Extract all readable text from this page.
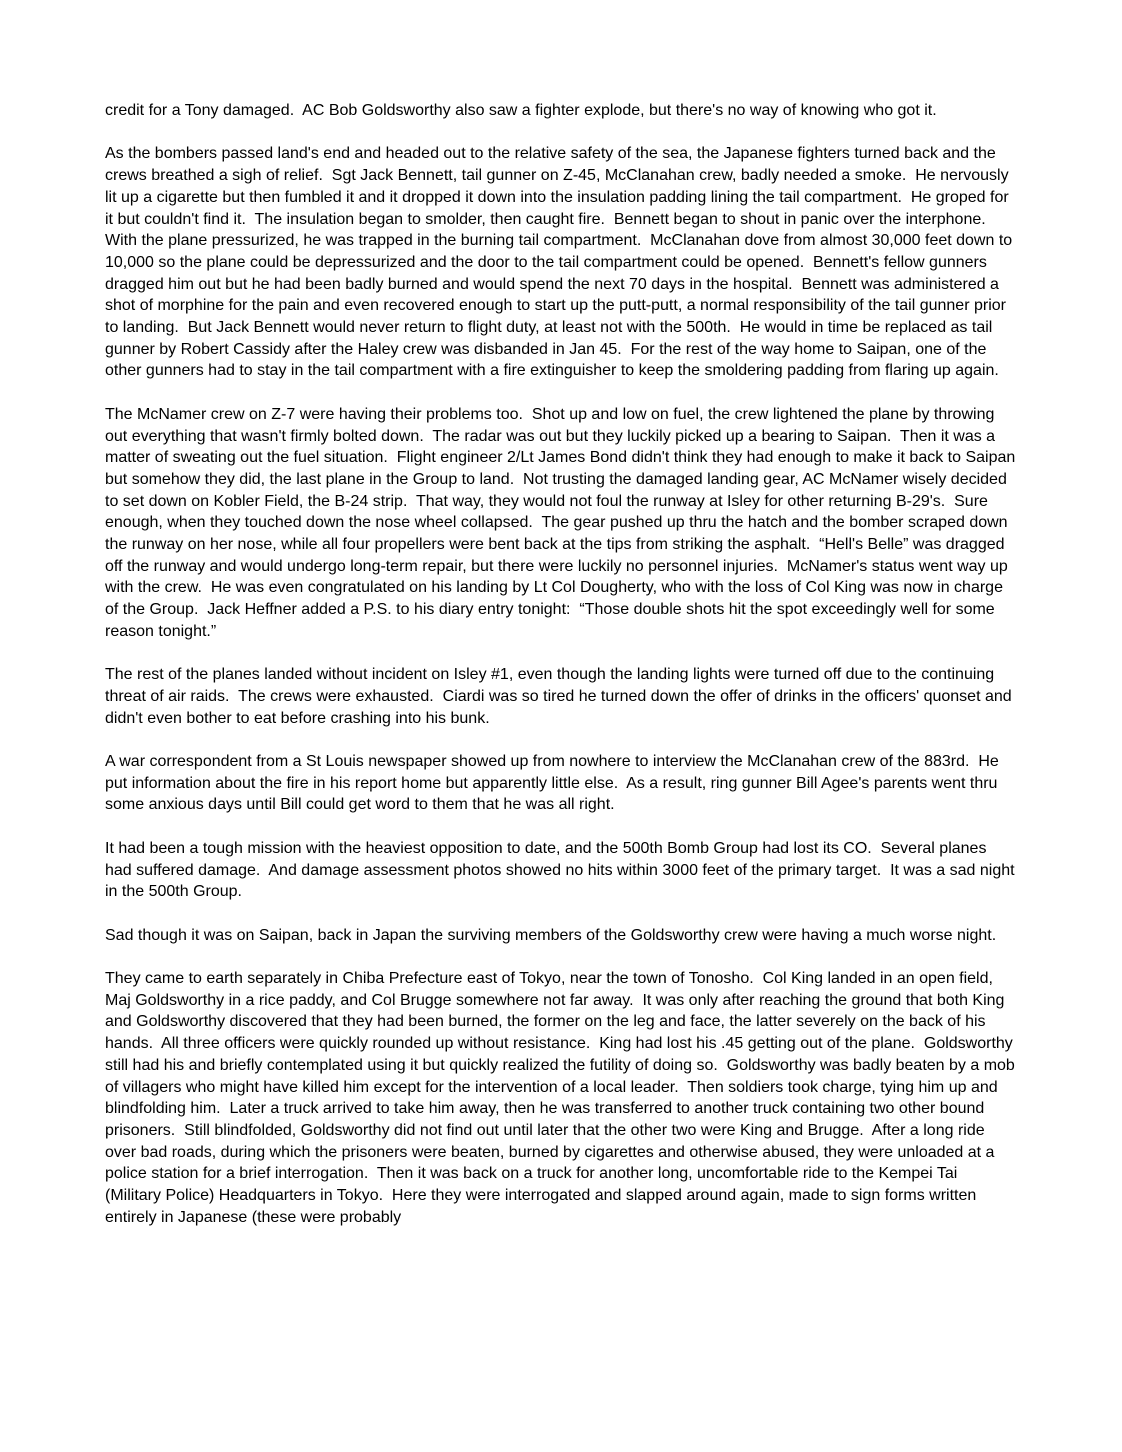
credit for a Tony damaged.  AC Bob Goldsworthy also saw a fighter explode, but there's no way of knowing who got it.

As the bombers passed land's end and headed out to the relative safety of the sea, the Japanese fighters turned back and the crews breathed a sigh of relief.  Sgt Jack Bennett, tail gunner on Z-45, McClanahan crew, badly needed a smoke.  He nervously lit up a cigarette but then fumbled it and it dropped it down into the insulation padding lining the tail compartment.  He groped for it but couldn't find it.  The insulation began to smolder, then caught fire.  Bennett began to shout in panic over the interphone.  With the plane pressurized, he was trapped in the burning tail compartment.  McClanahan dove from almost 30,000 feet down to 10,000 so the plane could be depressurized and the door to the tail compartment could be opened.  Bennett's fellow gunners dragged him out but he had been badly burned and would spend the next 70 days in the hospital.  Bennett was administered a shot of morphine for the pain and even recovered enough to start up the putt-putt, a normal responsibility of the tail gunner prior to landing.  But Jack Bennett would never return to flight duty, at least not with the 500th.  He would in time be replaced as tail gunner by Robert Cassidy after the Haley crew was disbanded in Jan 45.  For the rest of the way home to Saipan, one of the other gunners had to stay in the tail compartment with a fire extinguisher to keep the smoldering padding from flaring up again.

The McNamer crew on Z-7 were having their problems too.  Shot up and low on fuel, the crew lightened the plane by throwing out everything that wasn't firmly bolted down.  The radar was out but they luckily picked up a bearing to Saipan.  Then it was a matter of sweating out the fuel situation.  Flight engineer 2/Lt James Bond didn't think they had enough to make it back to Saipan but somehow they did, the last plane in the Group to land.  Not trusting the damaged landing gear, AC McNamer wisely decided to set down on Kobler Field, the B-24 strip.  That way, they would not foul the runway at Isley for other returning B-29's.  Sure enough, when they touched down the nose wheel collapsed.  The gear pushed up thru the hatch and the bomber scraped down the runway on her nose, while all four propellers were bent back at the tips from striking the asphalt.  “Hell's Belle” was dragged off the runway and would undergo long-term repair, but there were luckily no personnel injuries.  McNamer's status went way up with the crew.  He was even congratulated on his landing by Lt Col Dougherty, who with the loss of Col King was now in charge of the Group.  Jack Heffner added a P.S. to his diary entry tonight:  “Those double shots hit the spot exceedingly well for some reason tonight.”

The rest of the planes landed without incident on Isley #1, even though the landing lights were turned off due to the continuing threat of air raids.  The crews were exhausted.  Ciardi was so tired he turned down the offer of drinks in the officers' quonset and didn't even bother to eat before crashing into his bunk.

A war correspondent from a St Louis newspaper showed up from nowhere to interview the McClanahan crew of the 883rd.  He put information about the fire in his report home but apparently little else.  As a result, ring gunner Bill Agee's parents went thru some anxious days until Bill could get word to them that he was all right.

It had been a tough mission with the heaviest opposition to date, and the 500th Bomb Group had lost its CO.  Several planes had suffered damage.  And damage assessment photos showed no hits within 3000 feet of the primary target.  It was a sad night in the 500th Group.

Sad though it was on Saipan, back in Japan the surviving members of the Goldsworthy crew were having a much worse night.

They came to earth separately in Chiba Prefecture east of Tokyo, near the town of Tonosho.  Col King landed in an open field, Maj Goldsworthy in a rice paddy, and Col Brugge somewhere not far away.  It was only after reaching the ground that both King and Goldsworthy discovered that they had been burned, the former on the leg and face, the latter severely on the back of his hands.  All three officers were quickly rounded up without resistance.  King had lost his .45 getting out of the plane.  Goldsworthy still had his and briefly contemplated using it but quickly realized the futility of doing so.  Goldsworthy was badly beaten by a mob of villagers who might have killed him except for the intervention of a local leader.  Then soldiers took charge, tying him up and blindfolding him.  Later a truck arrived to take him away, then he was transferred to another truck containing two other bound prisoners.  Still blindfolded, Goldsworthy did not find out until later that the other two were King and Brugge.  After a long ride over bad roads, during which the prisoners were beaten, burned by cigarettes and otherwise abused, they were unloaded at a police station for a brief interrogation.  Then it was back on a truck for another long, uncomfortable ride to the Kempei Tai (Military Police) Headquarters in Tokyo.  Here they were interrogated and slapped around again, made to sign forms written entirely in Japanese (these were probably
